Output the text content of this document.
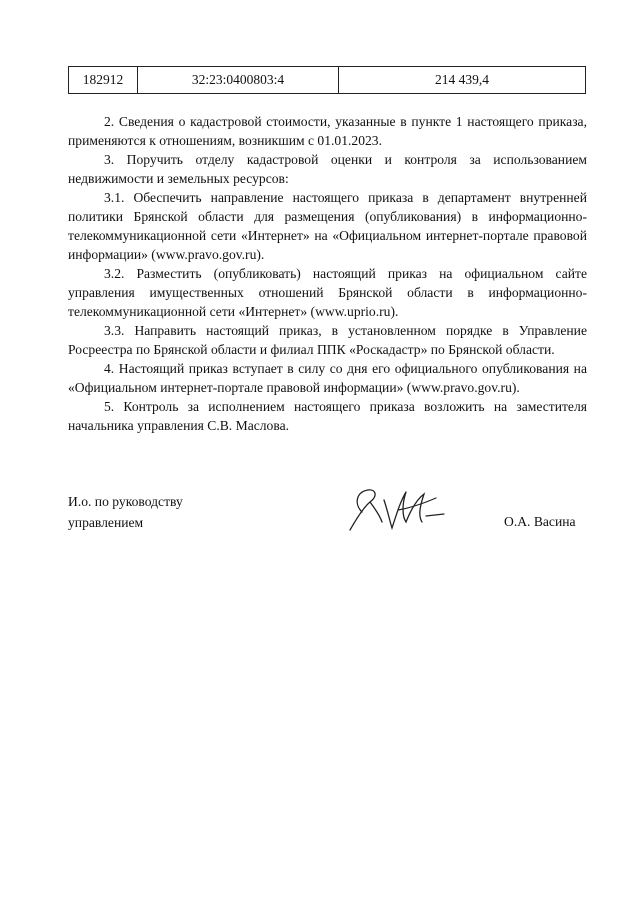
182912	32:23:0400803:4	214 439,4

2. Сведения о кадастровой стоимости, указанные в пункте 1 настоящего приказа, применяются к отношениям, возникшим с 01.01.2023.

3. Поручить отделу кадастровой оценки и контроля за использованием недвижимости и земельных ресурсов:

3.1. Обеспечить направление настоящего приказа в департамент внутренней политики Брянской области для размещения (опубликования) в информационно-телекоммуникационной сети «Интернет» на «Официальном интернет-портале правовой информации» (www.pravo.gov.ru).

3.2. Разместить (опубликовать) настоящий приказ на официальном сайте управления имущественных отношений Брянской области в информационно-телекоммуникационной сети «Интернет» (www.uprio.ru).

3.3. Направить настоящий приказ, в установленном порядке в Управление Росреестра по Брянской области и филиал ППК «Роскадастр» по Брянской области.

4. Настоящий приказ вступает в силу со дня его официального опубликования на «Официальном интернет-портале правовой информации» (www.pravo.gov.ru).

5. Контроль за исполнением настоящего приказа возложить на заместителя начальника управления С.В. Маслова.

И.о. по руководству
управлением	О.А. Васина
